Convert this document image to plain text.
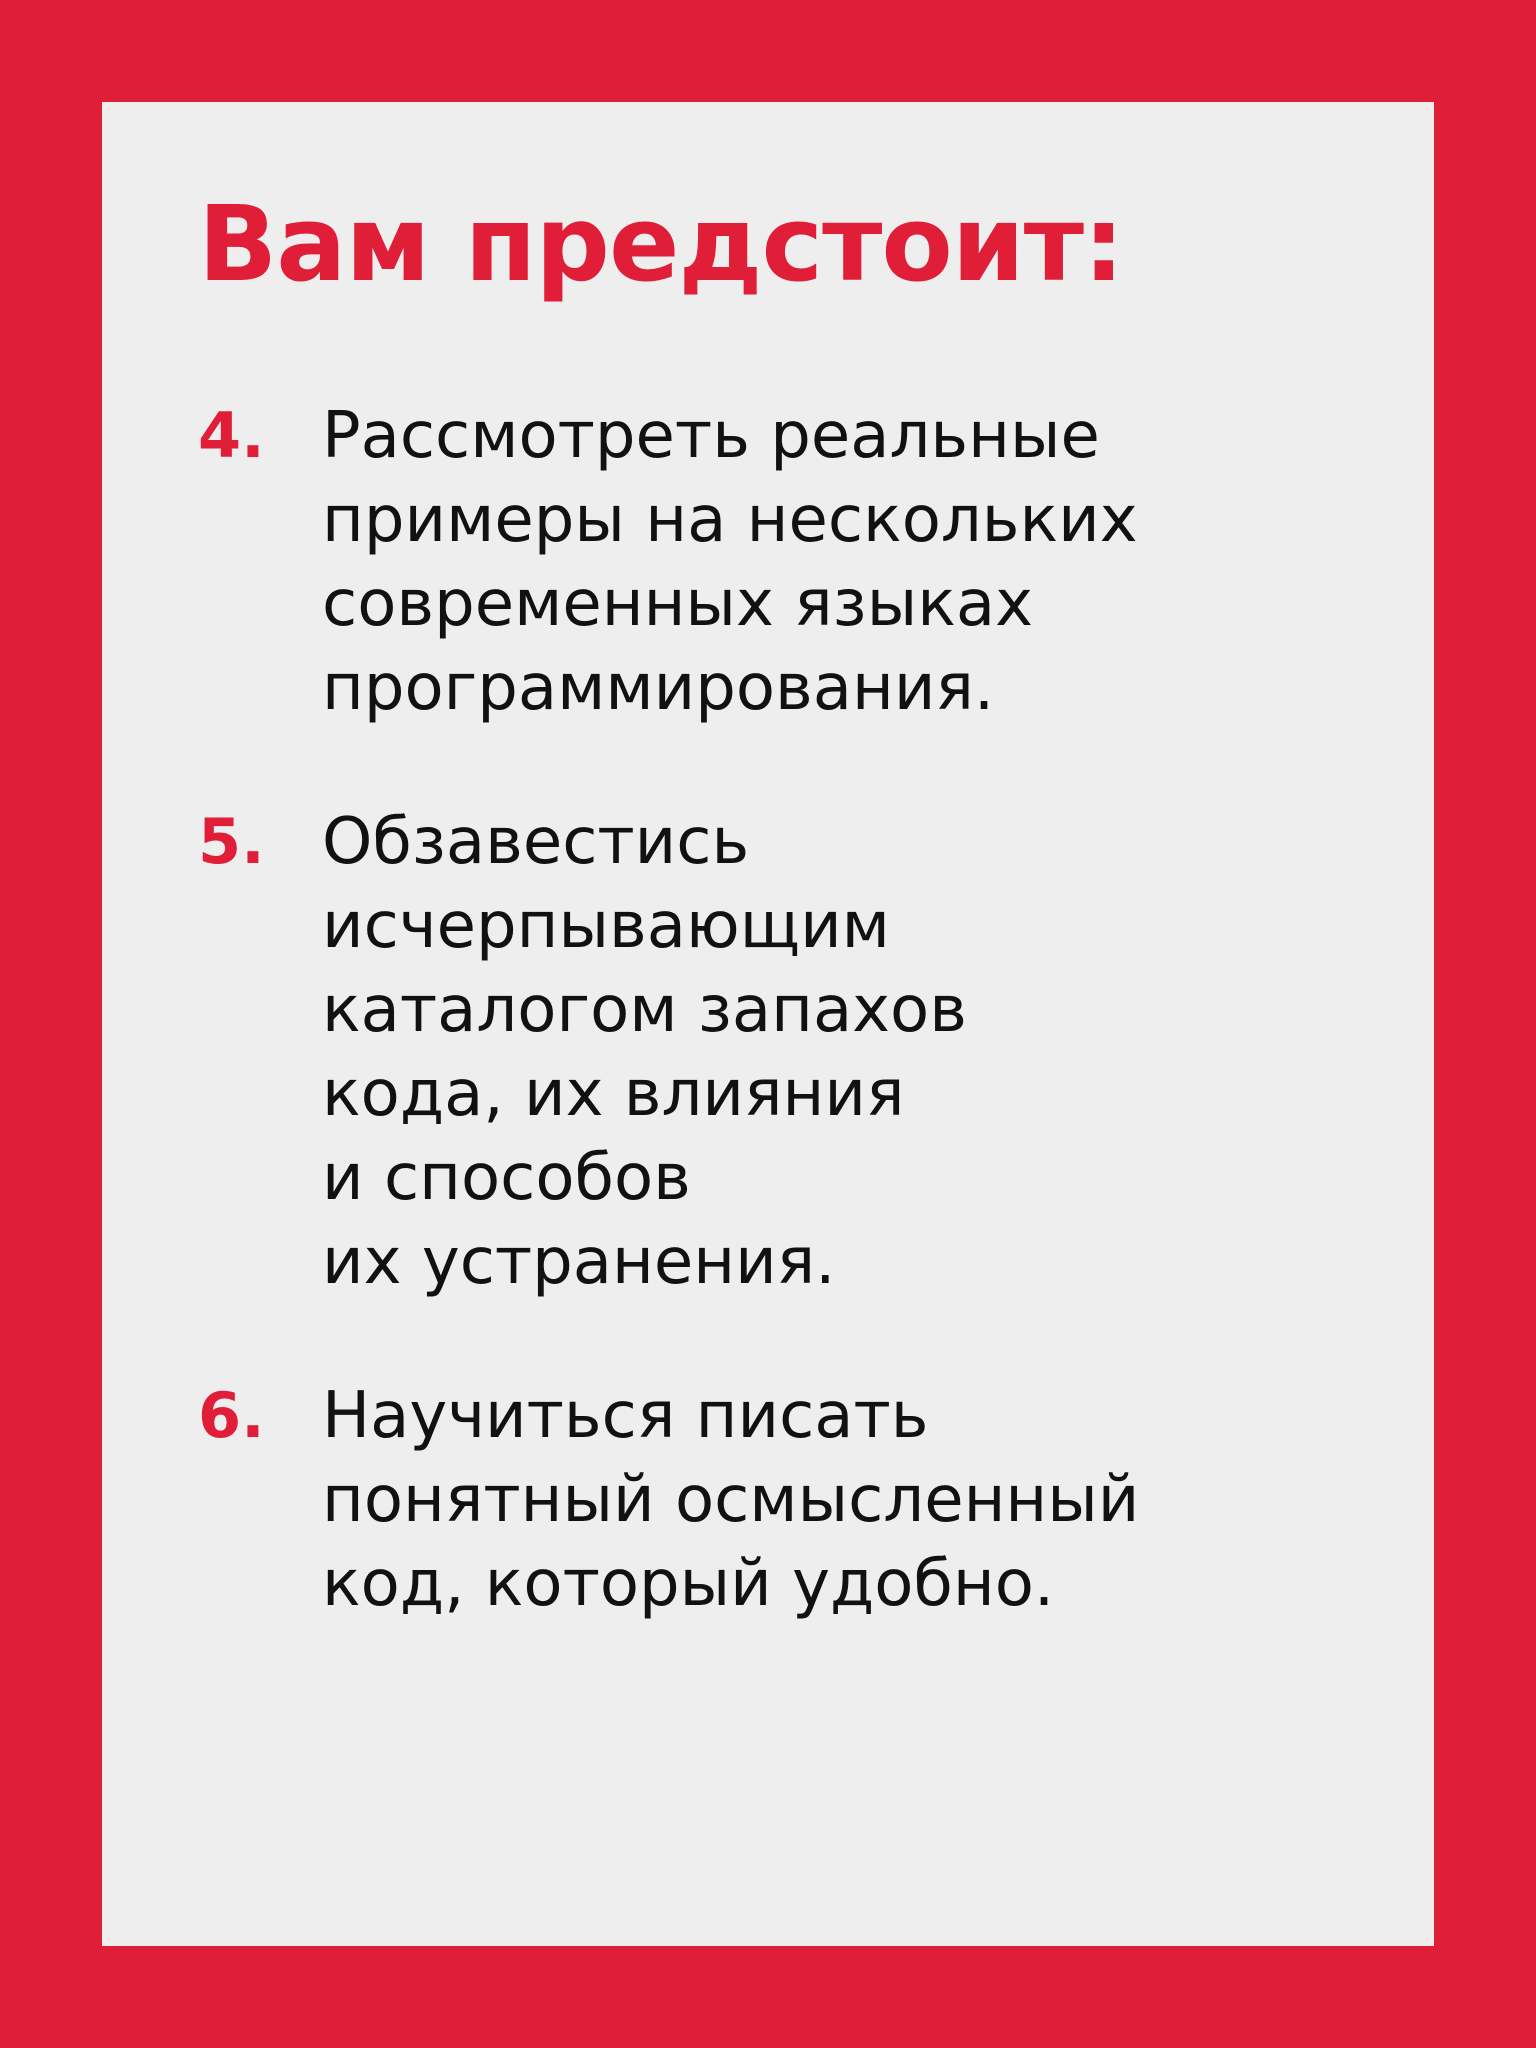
Вам предстоит:
4. Рассмотреть реальные
примеры на нескольких
современных языках
программирования.
5. Обзавестись
исчерпывающим
каталогом запахов
кода, их влияния
и способов
их устранения.
6. Научиться писать
понятный осмысленный
код, который удобно.
